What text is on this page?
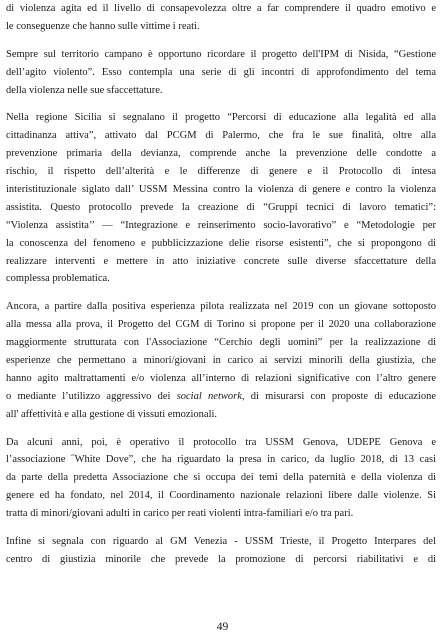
di violenza agita ed il livello di consapevolezza oltre a far comprendere il quadro emotivo e
le conseguenze che hanno sulle vittime i reati.
Sempre sul territorio campano è opportuno ricordare il progetto dell'IPM di Nisida, “Gestione
dell’agito violento”. Esso contempla una serie di gli incontri di approfondimento del tema
della violenza nelle sue sfaccettature.
Nella regione Sicilia si segnalano il progetto “Percorsi di educazione alla legalità ed alla
cittadinanza attiva”, attivato dal PCGM di Palermo, che fra le sue finalità, oltre alla
prevenzione primaria della devianza, comprende anche la prevenzione delle condotte a
rischio, il rispetto dell’alterità e le differenze di genere e il Protocollo di intesa
interistituzionale siglato dall’ USSM Messina contro la violenza di genere e contro la violenza
assistita. Questo protocollo prevede la creazione di “Gruppi tecnici di lavoro tematici”:
“Violenza assistita’’ — “Integrazione e reinserimento socio-lavorativo” e “Metodologie per
la conoscenza del fenomeno e pubblicizzazione delie risorse esistenti”, che si propongono di
realizzare interventi e mettere in atto iniziative concrete sulle diverse sfaccettature della
complessa problematica.
Ancora, a partire dalla positiva esperienza pilota realizzata nel 2019 con un giovane sottoposto
alla messa alla prova, il Progetto del CGM di Torino si propone per il 2020 una collaborazione
maggiormente strutturata con l'Associazione “Cerchio degli uomini” per la realizzazione di
esperienze che permettano a minori/giovani in carico ai servizi minorili della giustizia, che
hanno agito maltrattamenti e/o violenza all’interno di relazioni significative con l’altro genere
o mediante l’utilizzo aggressivo dei social network, di misurarsi con proposte di educazione
all' affettività e alla gestione di vissuti emozionali.
Da alcuni anni, poi, è operativo il protocollo tra USSM Genova, UDEPE Genova e
l’associazione ˝White Dove”, che ha riguardato la presa in carico, da luglio 2018, di 13 casi
da parte della predetta Associazione che si occupa dei temi della paternità e della violenza di
genere ed ha fondato, nel 2014, il Coordinamento nazionale relazioni libere dalle violenze. Si
tratta di minori/giovani adulti in carico per reati violenti intra-familiari e/o tra pari.
Infine si segnala con riguardo al GM Venezia - USSM Trieste, il Progetto Interpares del
centro di giustizia minorile che prevede la promozione di percorsi riabilitativi e di
49
